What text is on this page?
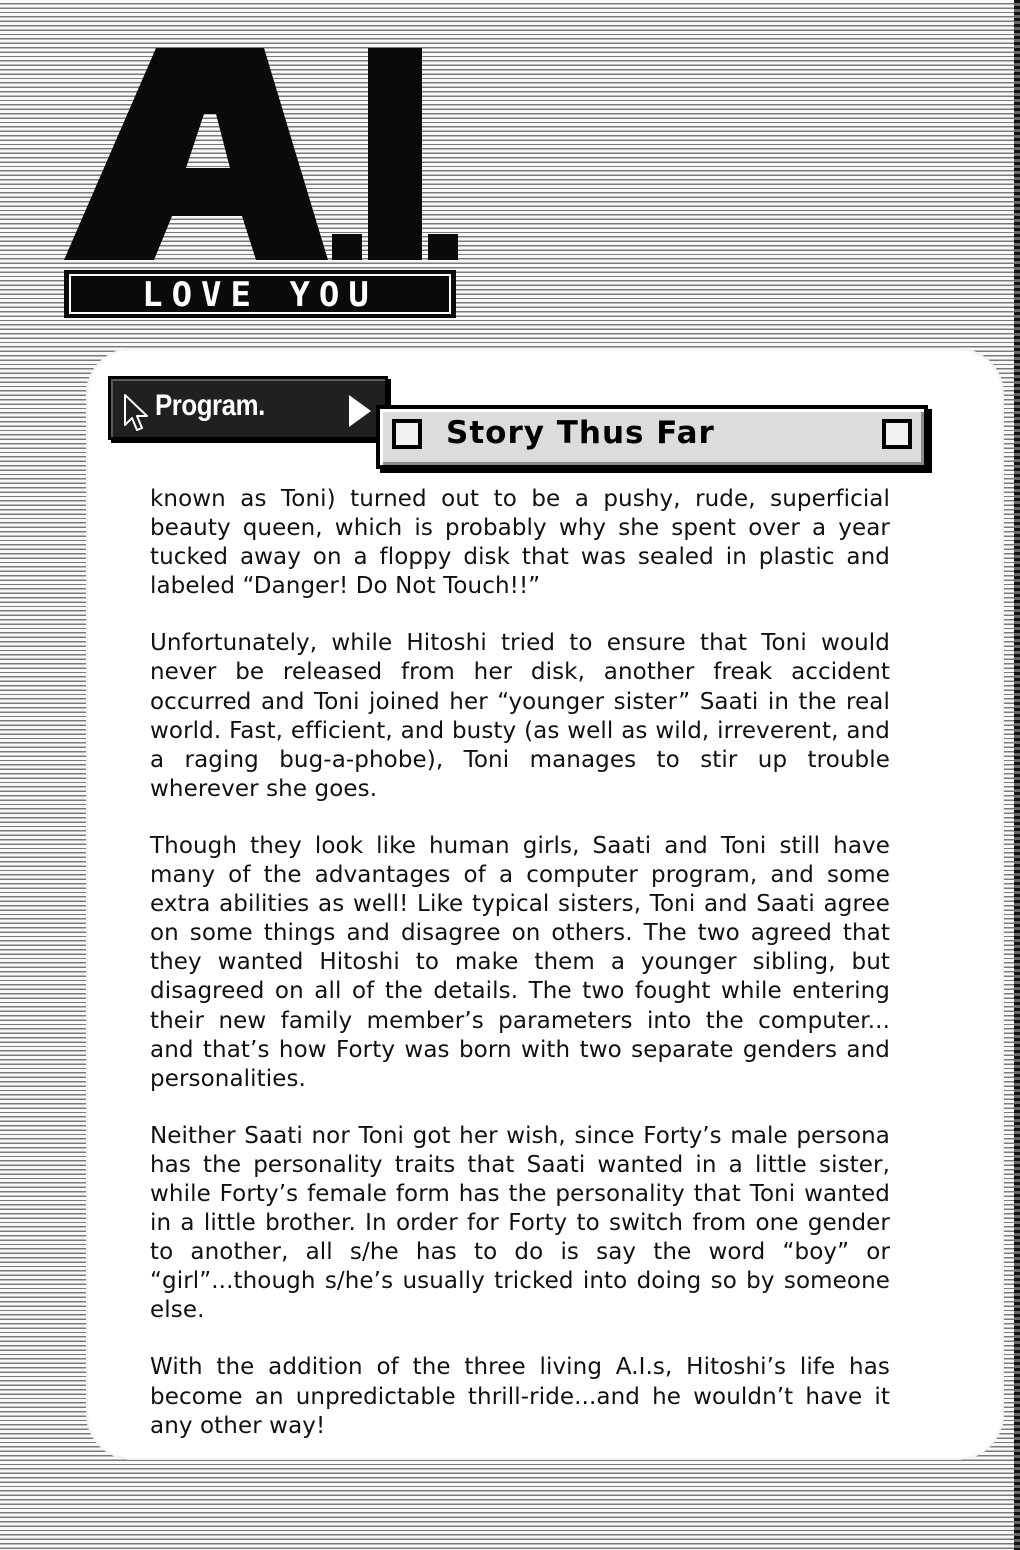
LOVE YOU
Program.
Story Thus Far

known as Toni) turned out to be a pushy, rude, superficial beauty queen, which is probably why she spent over a year tucked away on a floppy disk that was sealed in plastic and labeled “Danger! Do Not Touch!!”

Unfortunately, while Hitoshi tried to ensure that Toni would never be released from her disk, another freak accident occurred and Toni joined her “younger sister” Saati in the real world. Fast, efficient, and busty (as well as wild, irreverent, and a raging bug-a-phobe), Toni manages to stir up trouble wherever she goes.

Though they look like human girls, Saati and Toni still have many of the advantages of a computer program, and some extra abilities as well! Like typical sisters, Toni and Saati agree on some things and disagree on others. The two agreed that they wanted Hitoshi to make them a younger sibling, but disagreed on all of the details. The two fought while entering their new family member’s parameters into the computer... and that’s how Forty was born with two separate genders and personalities.

Neither Saati nor Toni got her wish, since Forty’s male persona has the personality traits that Saati wanted in a little sister, while Forty’s female form has the personality that Toni wanted in a little brother. In order for Forty to switch from one gender to another, all s/he has to do is say the word “boy” or “girl”...though s/he’s usually tricked into doing so by someone else.

With the addition of the three living A.I.s, Hitoshi’s life has become an unpredictable thrill-ride...and he wouldn’t have it any other way!
